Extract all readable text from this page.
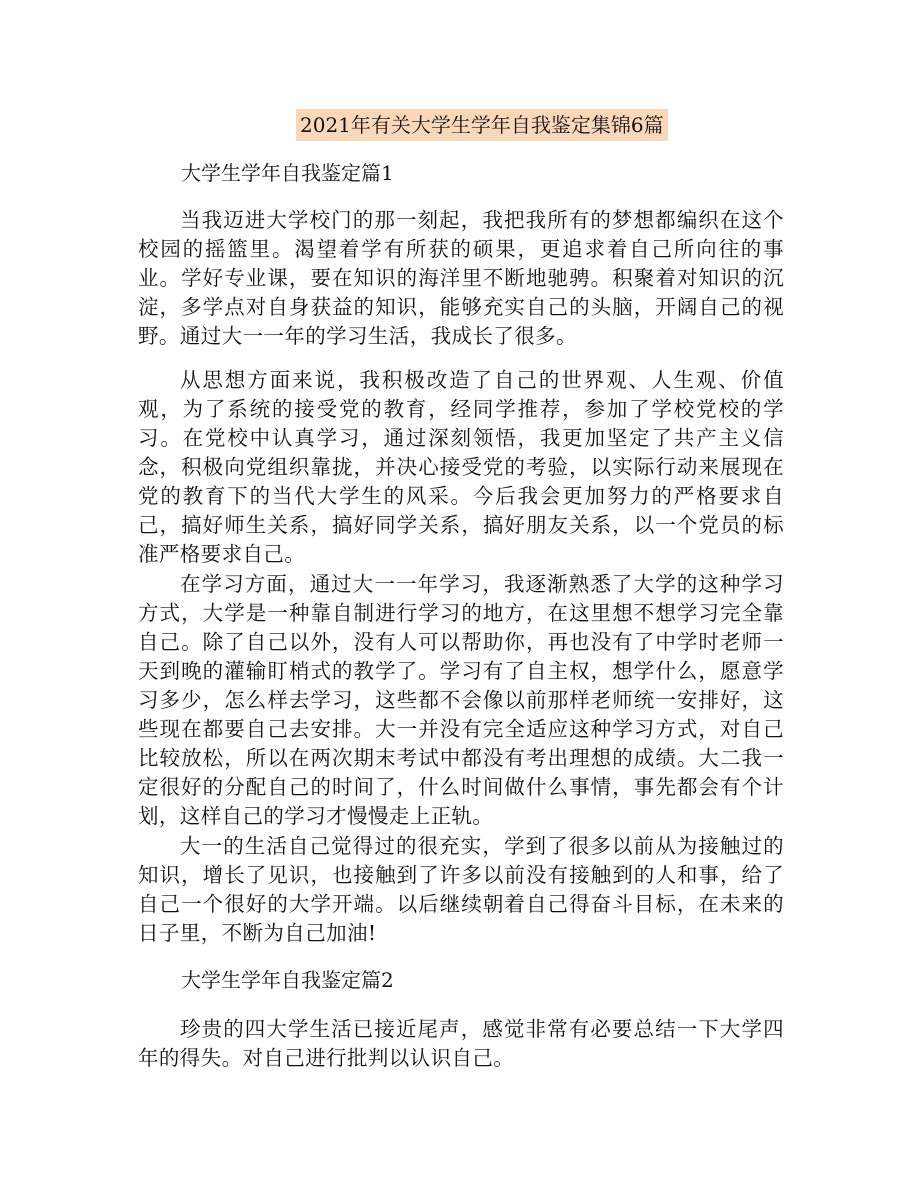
2021年有关大学生学年自我鉴定集锦6篇
大学生学年自我鉴定篇1

当我迈进大学校门的那一刻起，我把我所有的梦想都编织在这个校园的摇篮里。渴望着学有所获的硕果，更追求着自己所向往的事业。学好专业课，要在知识的海洋里不断地驰骋。积聚着对知识的沉淀，多学点对自身获益的知识，能够充实自己的头脑，开阔自己的视野。通过大一一年的学习生活，我成长了很多。

从思想方面来说，我积极改造了自己的世界观、人生观、价值观，为了系统的接受党的教育，经同学推荐，参加了学校党校的学习。在党校中认真学习，通过深刻领悟，我更加坚定了共产主义信念，积极向党组织靠拢，并决心接受党的考验，以实际行动来展现在党的教育下的当代大学生的风采。今后我会更加努力的严格要求自己，搞好师生关系，搞好同学关系，搞好朋友关系，以一个党员的标准严格要求自己。

在学习方面，通过大一一年学习，我逐渐熟悉了大学的这种学习方式，大学是一种靠自制进行学习的地方，在这里想不想学习完全靠自己。除了自己以外，没有人可以帮助你，再也没有了中学时老师一天到晚的灌输盯梢式的教学了。学习有了自主权，想学什么，愿意学习多少，怎么样去学习，这些都不会像以前那样老师统一安排好，这些现在都要自己去安排。大一并没有完全适应这种学习方式，对自己比较放松，所以在两次期末考试中都没有考出理想的成绩。大二我一定很好的分配自己的时间了，什么时间做什么事情，事先都会有个计划，这样自己的学习才慢慢走上正轨。

大一的生活自己觉得过的很充实，学到了很多以前从为接触过的知识，增长了见识，也接触到了许多以前没有接触到的人和事，给了自己一个很好的大学开端。以后继续朝着自己得奋斗目标，在未来的日子里，不断为自己加油!

大学生学年自我鉴定篇2

珍贵的四大学生活已接近尾声，感觉非常有必要总结一下大学四年的得失。对自己进行批判以认识自己。
